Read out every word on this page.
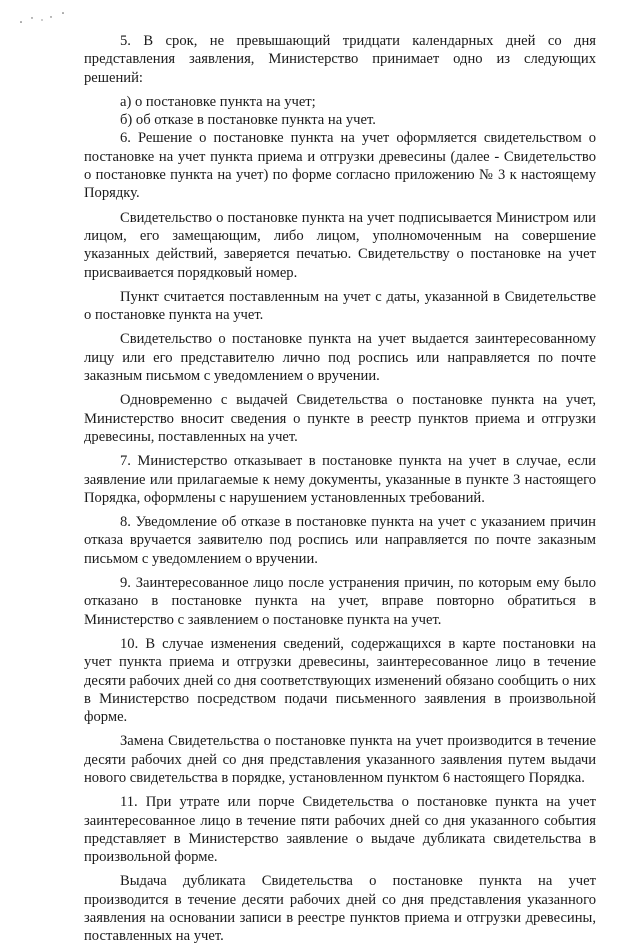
5. В срок, не превышающий тридцати календарных дней со дня представления заявления, Министерство принимает одно из следующих решений:

а) о постановке пункта на учет;

б) об отказе в постановке пункта на учет.

6. Решение о постановке пункта на учет оформляется свидетельством о постановке на учет пункта приема и отгрузки древесины (далее - Свидетельство о постановке пункта на учет) по форме согласно приложению № 3 к настоящему Порядку.

Свидетельство о постановке пункта на учет подписывается Министром или лицом, его замещающим, либо лицом, уполномоченным на совершение указанных действий, заверяется печатью. Свидетельству о постановке на учет присваивается порядковый номер.

Пункт считается поставленным на учет с даты, указанной в Свидетельстве о постановке пункта на учет.

Свидетельство о постановке пункта на учет выдается заинтересованному лицу или его представителю лично под роспись или направляется по почте заказным письмом с уведомлением о вручении.

Одновременно с выдачей Свидетельства о постановке пункта на учет, Министерство вносит сведения о пункте в реестр пунктов приема и отгрузки древесины, поставленных на учет.

7. Министерство отказывает в постановке пункта на учет в случае, если заявление или прилагаемые к нему документы, указанные в пункте 3 настоящего Порядка, оформлены с нарушением установленных требований.

8. Уведомление об отказе в постановке пункта на учет с указанием причин отказа вручается заявителю под роспись или направляется по почте заказным письмом с уведомлением о вручении.

9. Заинтересованное лицо после устранения причин, по которым ему было отказано в постановке пункта на учет, вправе повторно обратиться в Министерство с заявлением о постановке пункта на учет.

10. В случае изменения сведений, содержащихся в карте постановки на учет пункта приема и отгрузки древесины, заинтересованное лицо в течение десяти рабочих дней со дня соответствующих изменений обязано сообщить о них в Министерство посредством подачи письменного заявления в произвольной форме.

Замена Свидетельства о постановке пункта на учет производится в течение десяти рабочих дней со дня представления указанного заявления путем выдачи нового свидетельства в порядке, установленном пунктом 6 настоящего Порядка.

11. При утрате или порче Свидетельства о постановке пункта на учет заинтересованное лицо в течение пяти рабочих дней со дня указанного события представляет в Министерство заявление о выдаче дубликата свидетельства в произвольной форме.

Выдача дубликата Свидетельства о постановке пункта на учет производится в течение десяти рабочих дней со дня представления указанного заявления на основании записи в реестре пунктов приема и отгрузки древесины, поставленных на учет.
